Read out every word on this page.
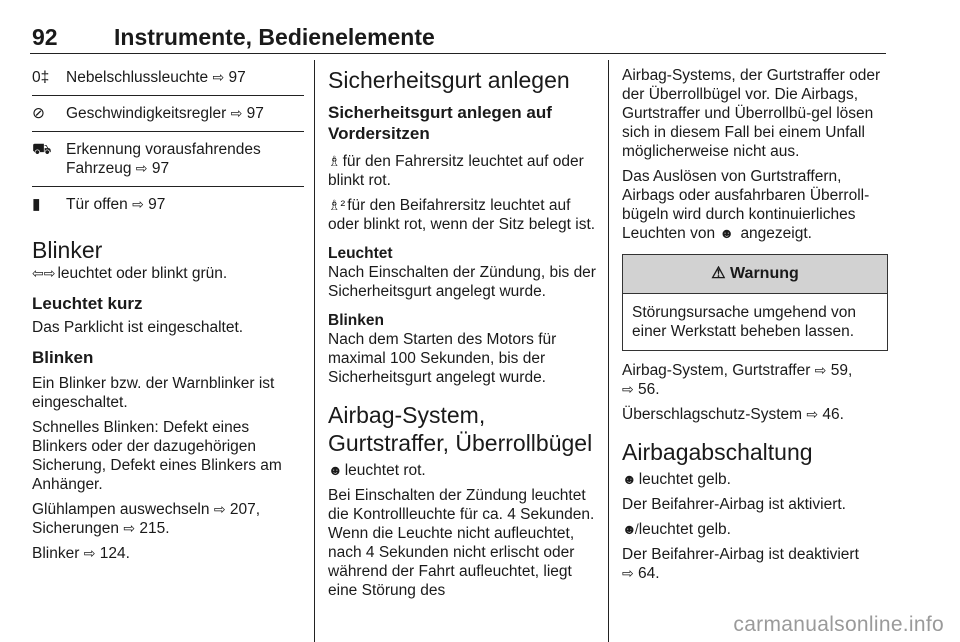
92 Instrumente, Bedienelemente
0‡	Nebelschlussleuchte ⇨ 97
⊘	Geschwindigkeitsregler ⇨ 97
⛟ Erkennung vorausfahrendes Fahrzeug ⇨ 97
▮	Tür offen ⇨ 97
Blinker

⇦⇨ leuchtet oder blinkt grün.

Leuchtet kurz

Das Parklicht ist eingeschaltet.

Blinken

Ein Blinker bzw. der Warnblinker ist eingeschaltet.

Schnelles Blinken: Defekt eines Blinkers oder der dazugehörigen Sicherung, Defekt eines Blinkers am Anhänger.

Glühlampen auswechseln ⇨ 207,
Sicherungen ⇨ 215.

Blinker ⇨ 124.

Sicherheitsgurt anlegen
Sicherheitsgurt anlegen auf Vordersitzen

♗ für den Fahrersitz leuchtet auf oder blinkt rot.

♗² für den Beifahrersitz leuchtet auf oder blinkt rot, wenn der Sitz belegt ist.

Leuchtet

Nach Einschalten der Zündung, bis der Sicherheitsgurt angelegt wurde.

Blinken

Nach dem Starten des Motors für maximal 100 Sekunden, bis der Sicherheitsgurt angelegt wurde.

Airbag-System, Gurtstraffer, Überrollbügel

☻ leuchtet rot.

Bei Einschalten der Zündung leuchtet die Kontrollleuchte für ca. 4 Sekunden. Wenn die Leuchte nicht aufleuchtet, nach 4 Sekunden nicht erlischt oder während der Fahrt aufleuchtet, liegt eine Störung des

Airbag-Systems, der Gurtstraffer oder der Überrollbügel vor. Die Airbags, Gurtstraffer und Überrollbü-gel lösen sich in diesem Fall bei einem Unfall möglicherweise nicht aus.

Das Auslösen von Gurtstraffern, Airbags oder ausfahrbaren Überroll-bügeln wird durch kontinuierliches Leuchten von ☻ angezeigt.

⚠ Warnung
Störungsursache umgehend von einer Werkstatt beheben lassen.

Airbag-System, Gurtstraffer ⇨ 59,
⇨ 56.

Überschlagschutz-System ⇨ 46.

Airbagabschaltung

☻ leuchtet gelb.

Der Beifahrer-Airbag ist aktiviert.

☻̸ leuchtet gelb.

Der Beifahrer-Airbag ist deaktiviert
⇨ 64.

carmanualsonline.info
